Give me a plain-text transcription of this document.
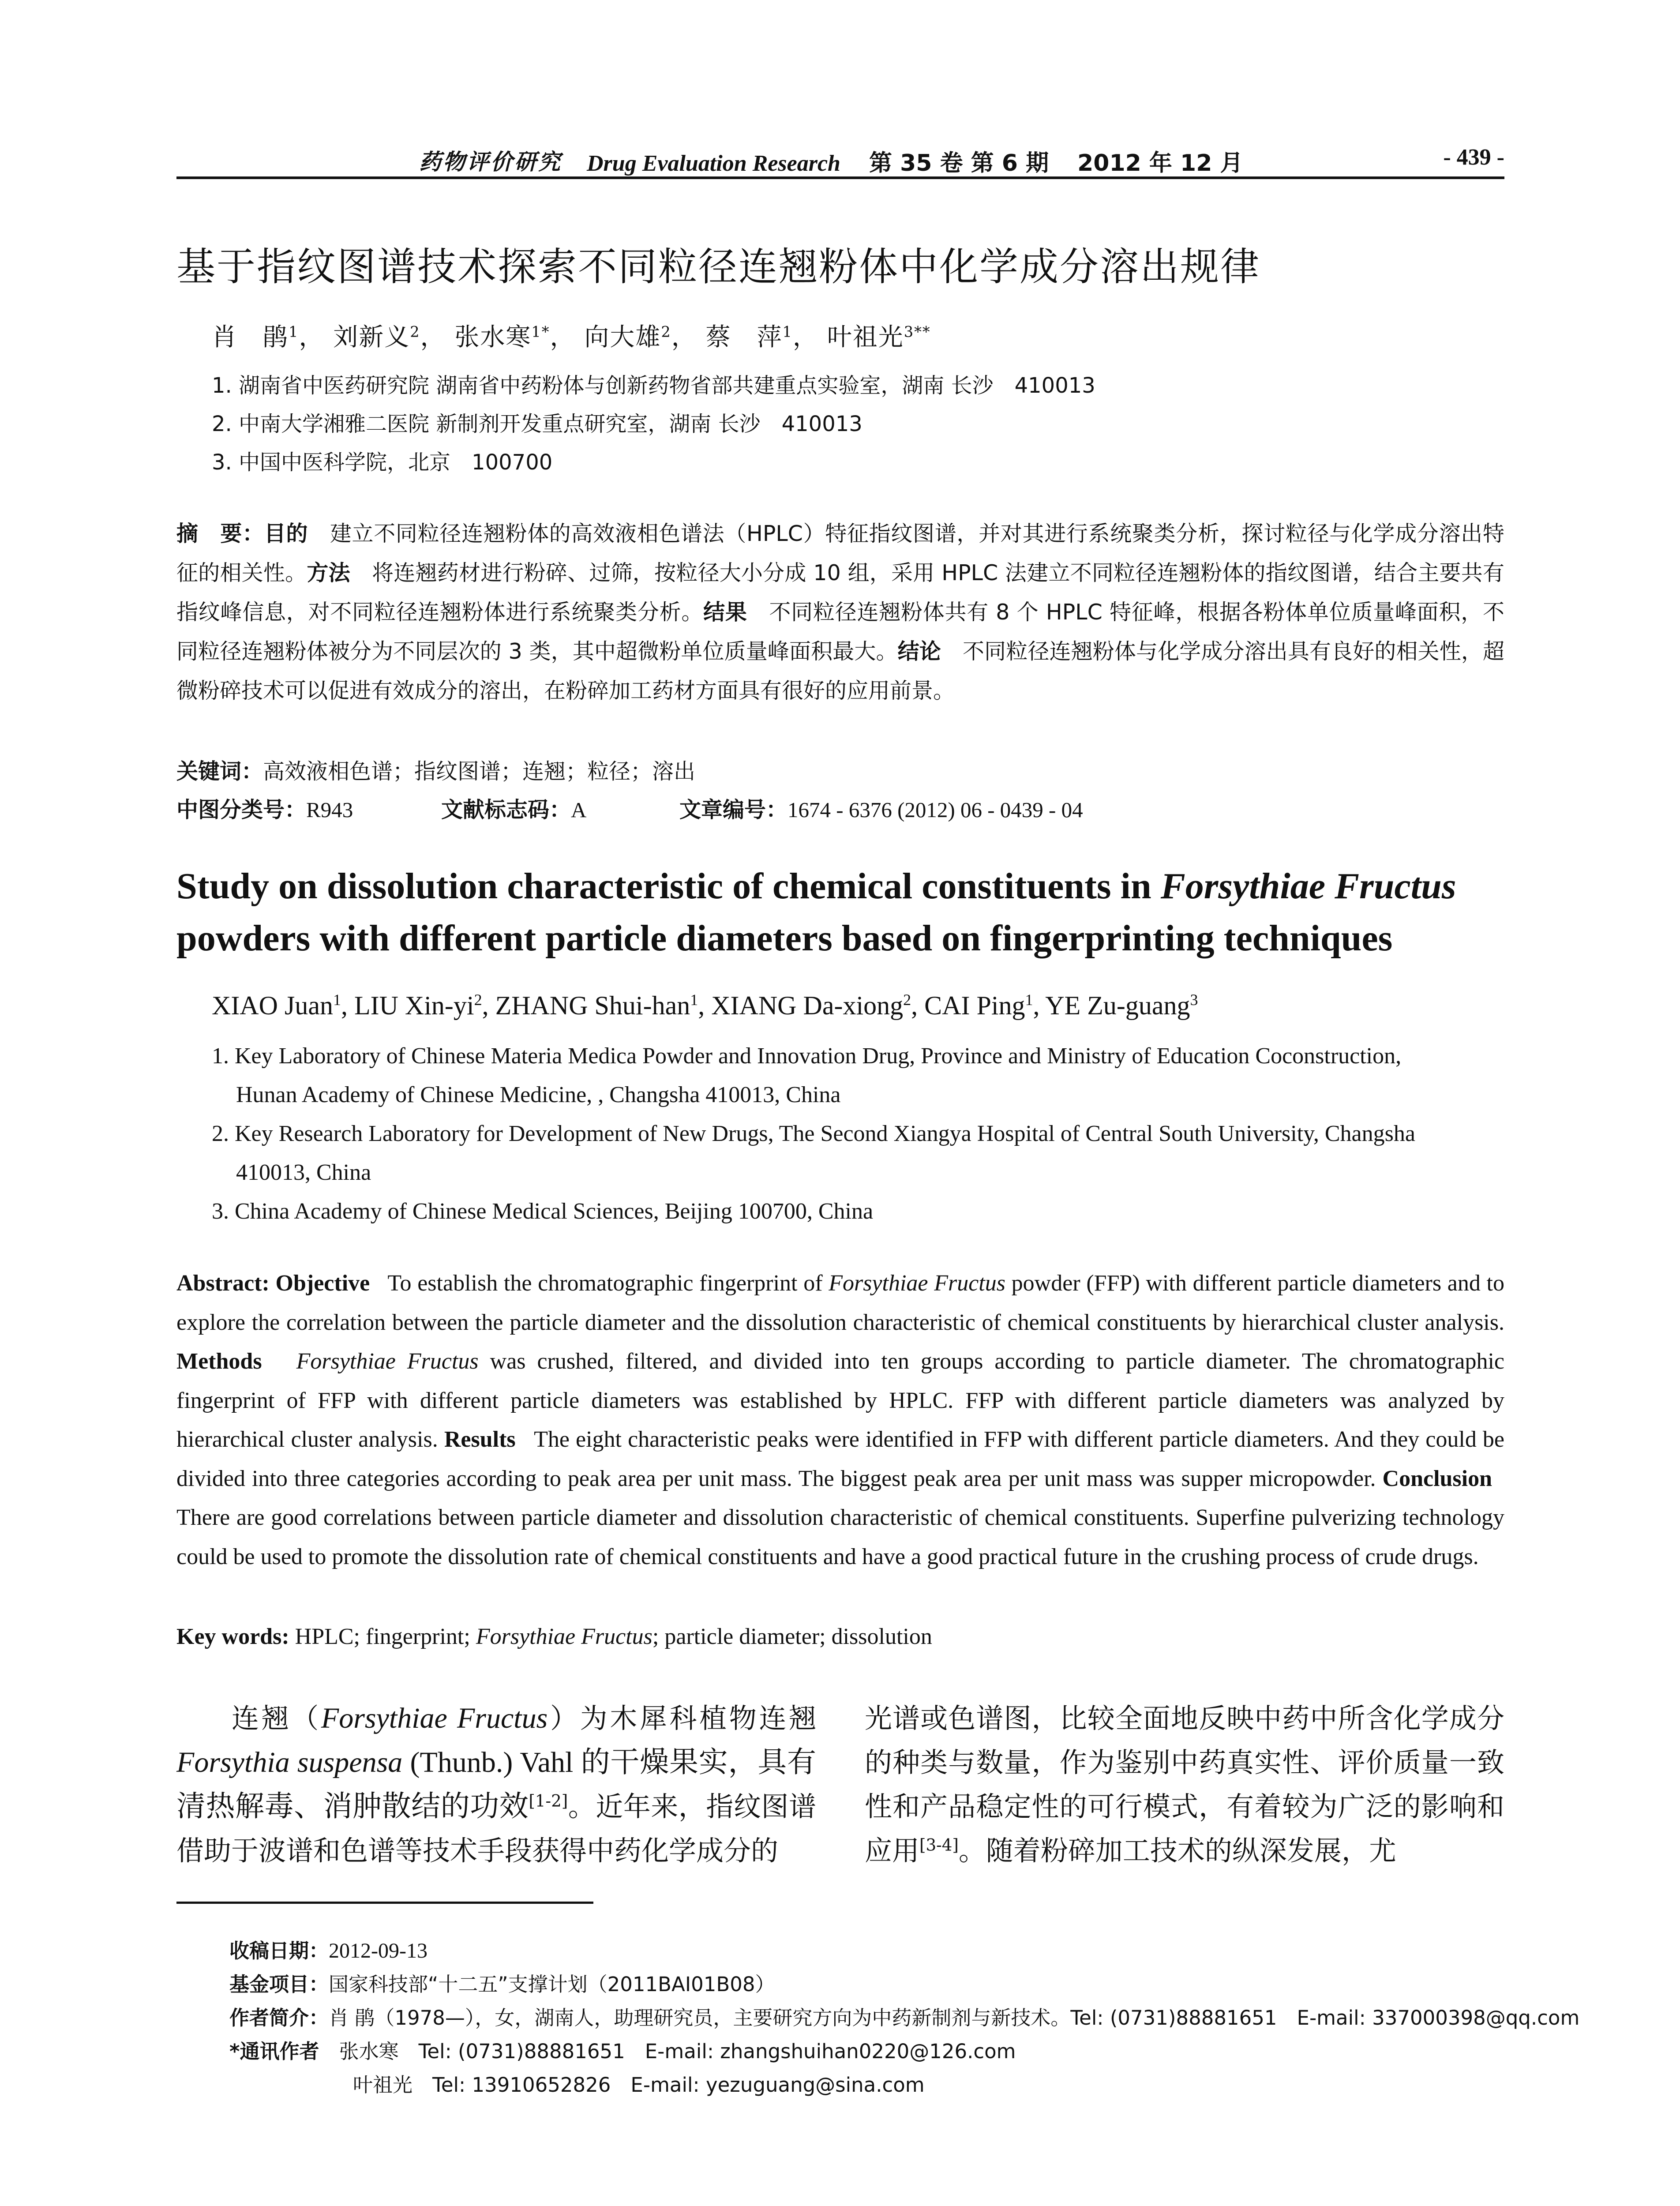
药物评价研究 Drug Evaluation Research 　 第 35 卷 第 6 期 　 2012 年 12 月	- 439 -
基于指纹图谱技术探索不同粒径连翘粉体中化学成分溶出规律
肖　鹃$^1$， 刘新义$^2$， 张水寒$^{1*}$， 向大雄$^2$， 蔡　萍$^1$， 叶祖光$^{3**}$
1. 湖南省中医药研究院 湖南省中药粉体与创新药物省部共建重点实验室，湖南 长沙　410013
2. 中南大学湘雅二医院 新制剂开发重点研究室，湖南 长沙　410013
3. 中国中医科学院，北京　100700
摘　要：目的　 建立不同粒径连翘粉体的高效液相色谱法（HPLC）特征指纹图谱，并对其进行系统聚类分析，探讨粒径与化学成分溶出特征的相关性。方法　 将连翘药材进行粉碎、过筛，按粒径大小分成 10 组，采用 HPLC 法建立不同粒径连翘粉体的指纹图谱，结合主要共有指纹峰信息，对不同粒径连翘粉体进行系统聚类分析。结果　 不同粒径连翘粉体共有 8 个 HPLC 特征峰，根据各粉体单位质量峰面积，不同粒径连翘粉体被分为不同层次的 3 类，其中超微粉单位质量峰面积最大。结论　 不同粒径连翘粉体与化学成分溶出具有良好的相关性，超微粉碎技术可以促进有效成分的溶出，在粉碎加工药材方面具有很好的应用前景。
关键词：高效液相色谱；指纹图谱；连翘；粒径；溶出
中图分类号：R943	文献标志码：A	文章编号：1674 - 6376 (2012) 06 - 0439 - 04
Study on dissolution characteristic of chemical constituents in Forsythiae Fructus powders with different particle diameters based on fingerprinting techniques
XIAO Juan$^1$, LIU Xin-$yi^2$, ZHANG Shui-han$^1$, XIANG Da-xiong$^2$, CAI Ping$^1$, YE Zu-guang$^3$
1. Key Laboratory of Chinese Materia Medica Powder and Innovation Drug, Province and Ministry of Education Coconstruction,
Hunan Academy of Chinese Medicine, , Changsha 410013, China
2. Key Research Laboratory for Development of New Drugs, The Second Xiangya Hospital of Central South University, Changsha
410013, China
3. China Academy of Chinese Medical Sciences, Beijing 100700, China
Abstract: Objective To establish the chromatographic fingerprint of Forsythiae Fructus powder (FFP) with different particle diameters and to explore the correlation between the particle diameter and the dissolution characteristic of chemical constituents by hierarchical cluster analysis. Methods Forsythiae Fructus was crushed, filtered, and divided into ten groups according to particle diameter. The chromatographic fingerprint of FFP with different particle diameters was established by HPLC. FFP with different particle diameters was analyzed by hierarchical cluster analysis. Results The eight characteristic peaks were identified in FFP with different particle diameters. And they could be divided into three categories according to peak area per unit mass. The biggest peak area per unit mass was supper micropowder. Conclusion   There are good correlations between particle diameter and dissolution characteristic of chemical constituents. Superfine pulverizing technology could be used to promote the dissolution rate of chemical constituents and have a good practical future in the crushing process of crude drugs.
Key words: HPLC; fingerprint; Forsythiae Fructus; particle diameter; dissolution
连翘（Forsythiae Fructus）为木犀科植物连翘 Forsythia suspensa (Thunb.) Vahl 的干燥果实，具有清热解毒、消肿散结的功效[1-2]。近年来，指纹图谱借助于波谱和色谱等技术手段获得中药化学成分的
光谱或色谱图，比较全面地反映中药中所含化学成分的种类与数量，作为鉴别中药真实性、评价质量一致性和产品稳定性的可行模式，有着较为广泛的影响和应用[3-4]。随着粉碎加工技术的纵深发展，尤
收稿日期：2012-09-13
基金项目：国家科技部“十二五”支撑计划（2011BAI01B08）
作者简介：肖 鹃（1978—），女，湖南人，助理研究员，主要研究方向为中药新制剂与新技术。Tel: (0731)88881651　E-mail: 337000398@qq.com
*通讯作者　 张水寒　Tel: (0731)88881651　E-mail: zhangshuihan0220@126.com
叶祖光　Tel: 13910652826　E-mail: yezuguang@sina.com
